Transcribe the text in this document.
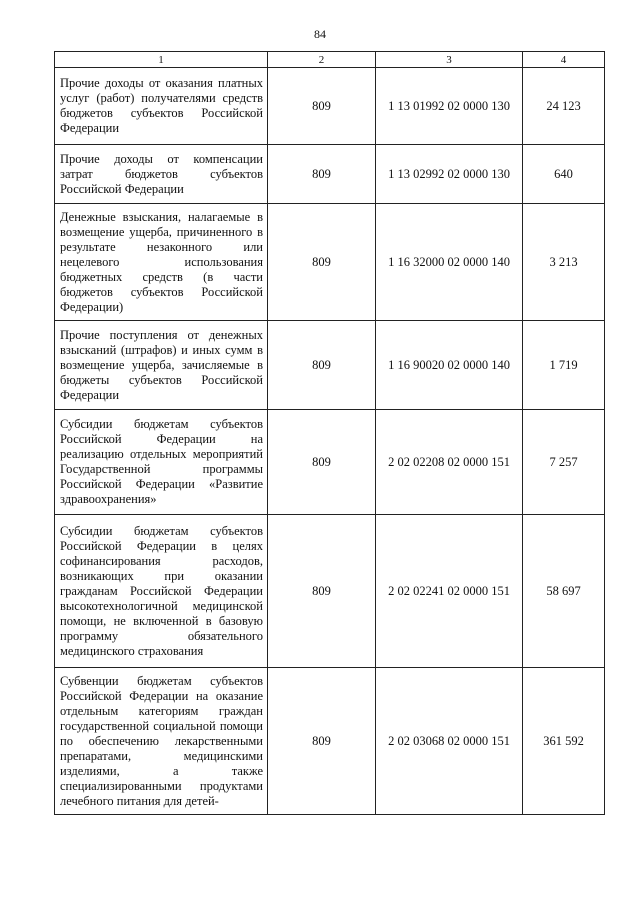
84
1	2	3	4

Прочие доходы от оказания платных услуг (работ) получателями средств бюджетов субъектов Российской Федерации	809	1 13 01992 02 0000 130	24 123

Прочие доходы от компенсации затрат бюджетов субъектов Российской Федерации	809	1 13 02992 02 0000 130	640

Денежные взыскания, налагаемые в возмещение ущерба, причиненного в результате незаконного или нецелевого использования бюджетных средств (в части бюджетов субъектов Российской Федерации)	809	1 16 32000 02 0000 140	3 213

Прочие поступления от денежных взысканий (штрафов) и иных сумм в возмещение ущерба, зачисляемые в бюджеты субъектов Российской Федерации	809	1 16 90020 02 0000 140	1 719

Субсидии бюджетам субъектов Российской Федерации на реализацию отдельных мероприятий Государственной программы Российской Федерации «Развитие здравоохранения»	809	2 02 02208 02 0000 151	7 257

Субсидии бюджетам субъектов Российской Федерации в целях софинансирования расходов, возникающих при оказании гражданам Российской Федерации высокотехнологичной медицинской помощи, не включенной в базовую программу обязательного медицинского страхования	809	2 02 02241 02 0000 151	58 697

Субвенции бюджетам субъектов Российской Федерации на оказание отдельным категориям граждан государственной социальной помощи по обеспечению лекарственными препаратами, медицинскими изделиями, а также специализированными продуктами лечебного питания для детей-	809	2 02 03068 02 0000 151	361 592
